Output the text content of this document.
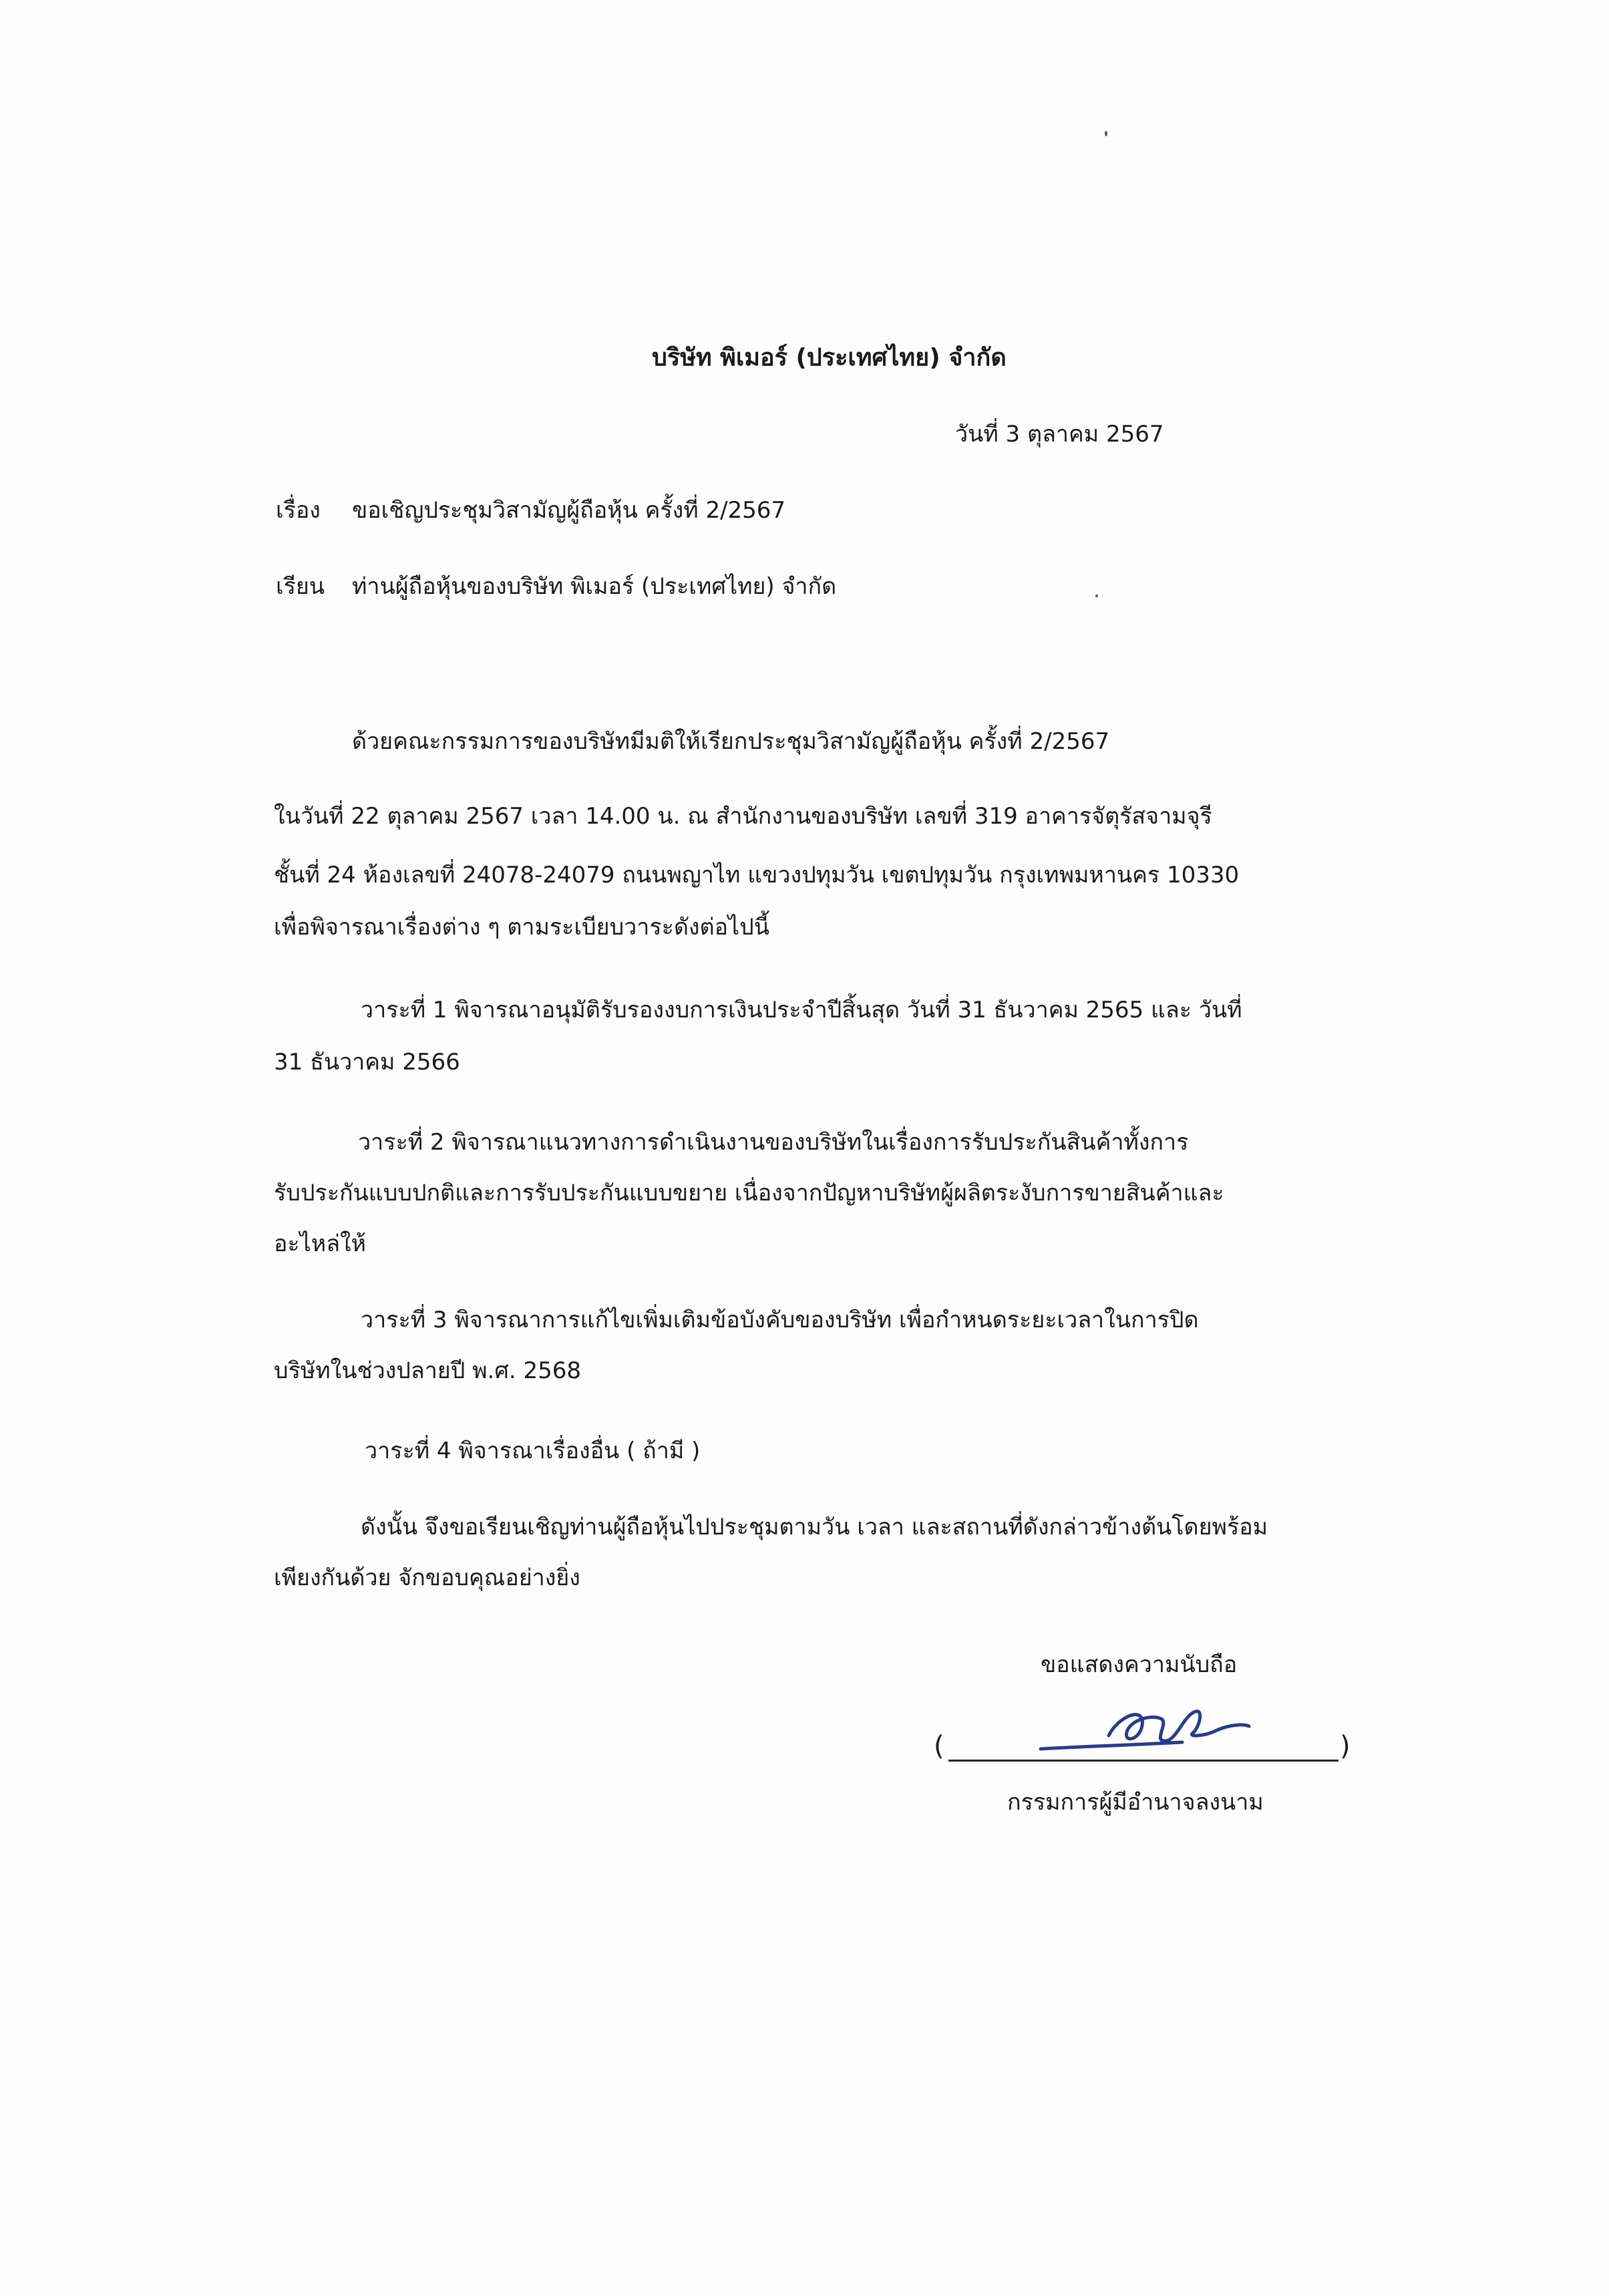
บริษัท พิเมอร์ (ประเทศไทย) จำกัด
วันที่ 3 ตุลาคม 2567
เรื่อง ขอเชิญประชุมวิสามัญผู้ถือหุ้น ครั้งที่ 2/2567
เรียน ท่านผู้ถือหุ้นของบริษัท พิเมอร์ (ประเทศไทย) จำกัด
ด้วยคณะกรรมการของบริษัทมีมติให้เรียกประชุมวิสามัญผู้ถือหุ้น ครั้งที่ 2/2567
ในวันที่ 22 ตุลาคม 2567 เวลา 14.00 น. ณ สำนักงานของบริษัท เลขที่ 319 อาคารจัตุรัสจามจุรี
ชั้นที่ 24 ห้องเลขที่ 24078-24079 ถนนพญาไท แขวงปทุมวัน เขตปทุมวัน กรุงเทพมหานคร 10330
เพื่อพิจารณาเรื่องต่าง ๆ ตามระเบียบวาระดังต่อไปนี้
วาระที่ 1 พิจารณาอนุมัติรับรองงบการเงินประจำปีสิ้นสุด วันที่ 31 ธันวาคม 2565 และ วันที่
31 ธันวาคม 2566
วาระที่ 2 พิจารณาแนวทางการดำเนินงานของบริษัทในเรื่องการรับประกันสินค้าทั้งการ
รับประกันแบบปกติและการรับประกันแบบขยาย เนื่องจากปัญหาบริษัทผู้ผลิตระงับการขายสินค้าและ
อะไหล่ให้
วาระที่ 3 พิจารณาการแก้ไขเพิ่มเติมข้อบังคับของบริษัท เพื่อกำหนดระยะเวลาในการปิด
บริษัทในช่วงปลายปี พ.ศ. 2568
วาระที่ 4 พิจารณาเรื่องอื่น ( ถ้ามี )
ดังนั้น จึงขอเรียนเชิญท่านผู้ถือหุ้นไปประชุมตามวัน เวลา และสถานที่ดังกล่าวข้างต้นโดยพร้อม
เพียงกันด้วย จักขอบคุณอย่างยิ่ง
ขอแสดงความนับถือ
(	)
กรรมการผู้มีอำนาจลงนาม
